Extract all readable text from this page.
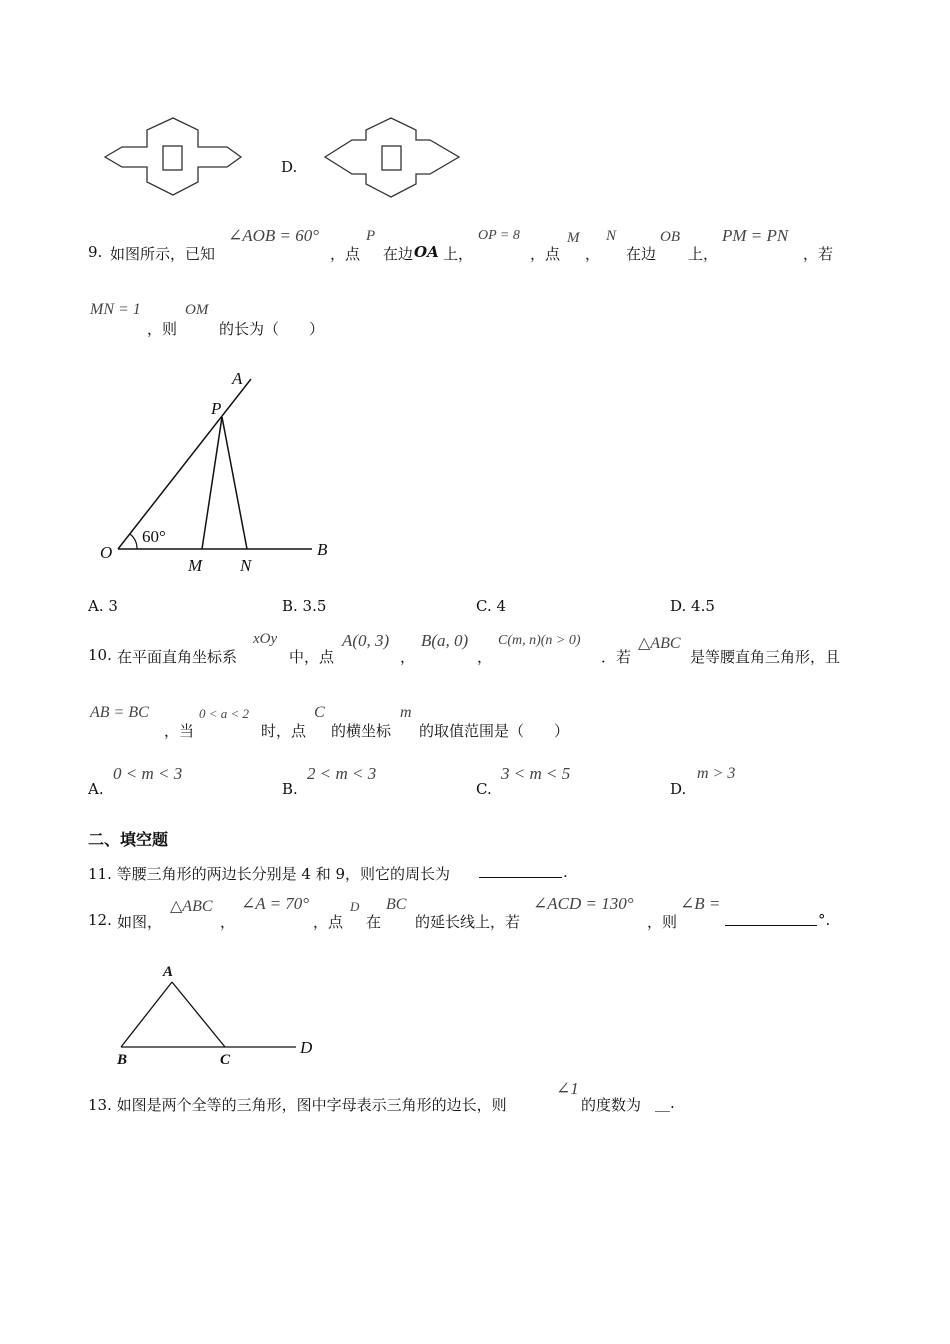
D.
9. 如图所示，已知
∠AOB = 60°
，点
P
在边 OA 上，
OP = 8
，点
M
，
N
在边
OB
上，
PM = PN
，若
MN = 1
，则
OM
的长为（　　）
A
P
O
60°
M N
B
A. 3	B. 3.5	C. 4	D. 4.5
10. 在平面直角坐标系
xOy
中，点
A(0, 3)
，
B(a, 0)
，
C(m, n)(n > 0)
．若
△ABC
是等腰直角三角形，且
AB = BC
，当
0 < a < 2
时，点
C
的横坐标
m
的取值范围是（　　）
A.
0 < m < 3
B.
2 < m < 3
C.
3 < m < 5
D.
m > 3
二、填空题
11. 等腰三角形的两边长分别是 4 和 9，则它的周长为	.
12. 如图，
△ABC
，
∠A = 70°
，点
D
在
BC
的延长线上，若
∠ACD = 130°
，则
∠B =
°.
A
B	C
D
13. 如图是两个全等的三角形，图中字母表示三角形的边长，则
∠1
的度数为 __.
